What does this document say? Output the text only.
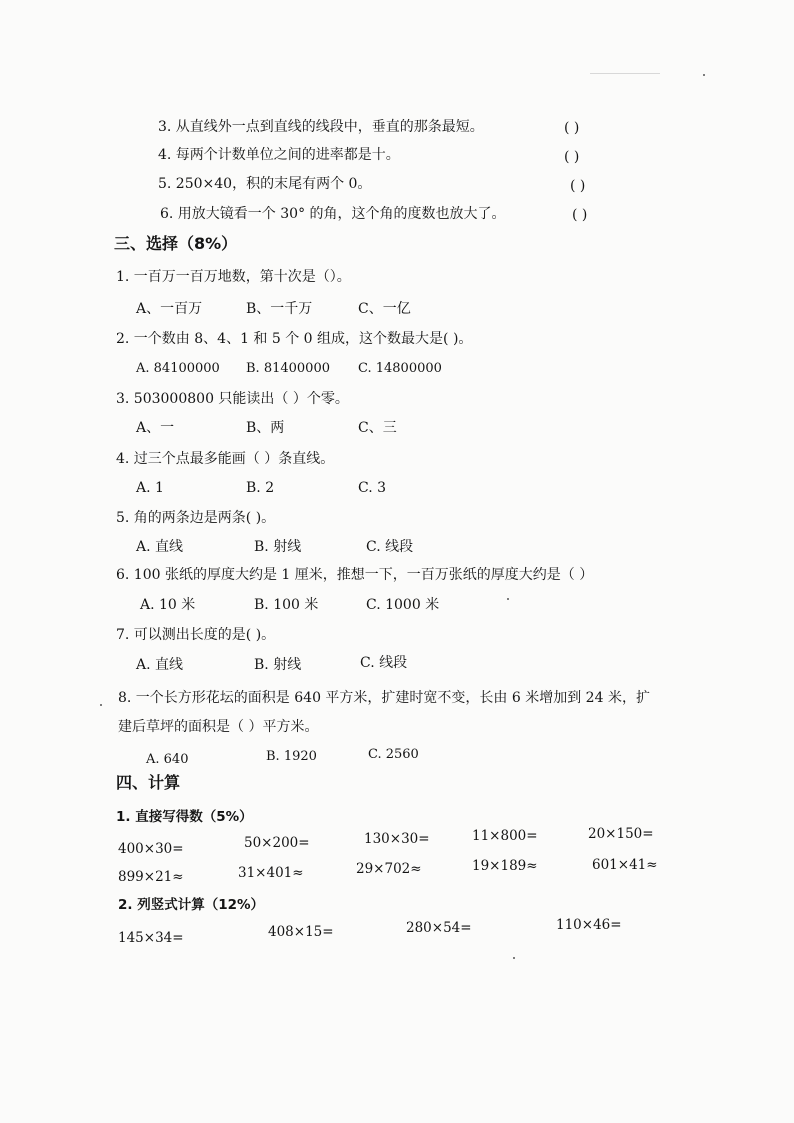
3. 从直线外一点到直线的线段中，垂直的那条最短。	( )
4. 每两个计数单位之间的进率都是十。	( )
5. 250×40，积的末尾有两个 0。	( )
6. 用放大镜看一个 30° 的角，这个角的度数也放大了。	( )
三、选择（8%）
1. 一百万一百万地数，第十次是（）。
A、一百万	B、一千万	C、一亿
2. 一个数由 8、4、1 和 5 个 0 组成，这个数最大是( )。
A. 84100000 B. 81400000 C. 14800000
3. 503000800 只能读出（ ）个零。
A、一	B、两	C、三
4. 过三个点最多能画（ ）条直线。
A. 1	B. 2	C. 3
5. 角的两条边是两条( )。
A. 直线	B. 射线	C. 线段
6. 100 张纸的厚度大约是 1 厘米，推想一下，一百万张纸的厚度大约是（ ）
A. 10 米	B. 100 米	C. 1000 米
7. 可以测出长度的是( )。
A. 直线	B. 射线	C. 线段
8. 一个长方形花坛的面积是 640 平方米，扩建时宽不变，长由 6 米增加到 24 米，扩
建后草坪的面积是（ ）平方米。
A. 640	B. 1920	C. 2560
四、计算
1. 直接写得数（5%）
400×30=	50×200=	130×30=	11×800=	20×150=
899×21≈	31×401≈	29×702≈	19×189≈	601×41≈
2. 列竖式计算（12%）
145×34=	408×15=	280×54=	110×46=
